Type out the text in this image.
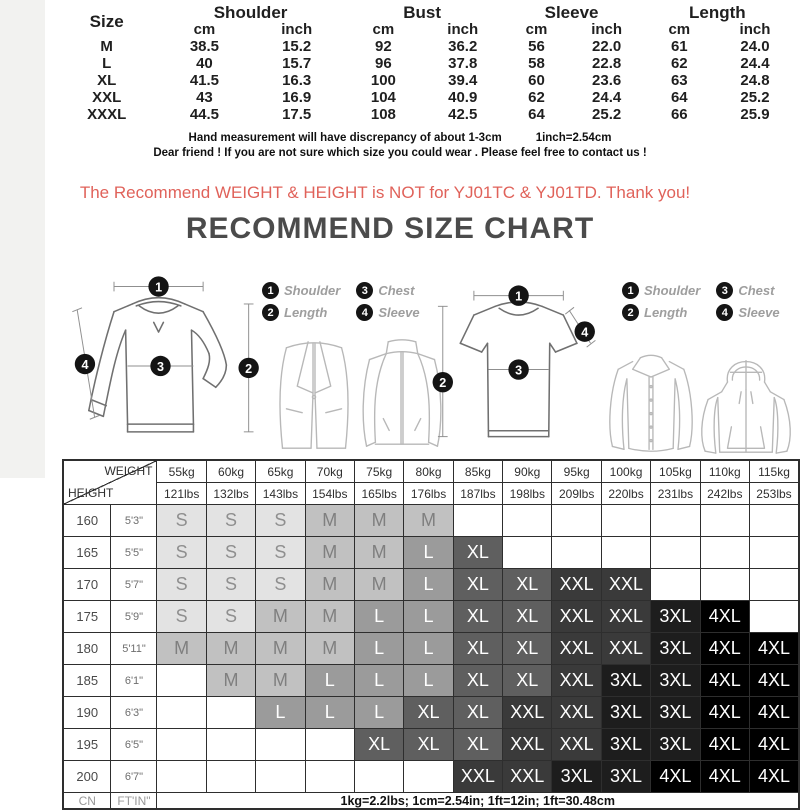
Size	Shoulder		Bust		Sleeve		Length	
	cm	inch	cm	inch	cm	inch	cm	inch
M	38.5	15.2	92	36.2	56	22.0	61	24.0
L	40	15.7	96	37.8	58	22.8	62	24.4
XL	41.5	16.3	100	39.4	60	23.6	63	24.8
XXL	43	16.9	104	40.9	62	24.4	64	25.2
XXXL	44.5	17.5	108	42.5	64	25.2	66	25.9
Hand measurement will have discrepancy of about 1-3cm	1inch=2.54cm
Dear friend ! If you are not sure which size you could wear . Please feel free to contact us !
The Recommend WEIGHT & HEIGHT is NOT for YJ01TC & YJ01TD. Thank you!
RECOMMEND SIZE CHART
1
3	2
4
1 Shoulder	3 Chest
2 Length	4 Sleeve
1
2
3
4
1 Shoulder	3 Chest
2 Length	4 Sleeve
WEIGHT
HEIGHT		55kg	60kg	65kg	70kg	75kg	80kg	85kg	90kg	95kg	100kg	105kg	110kg	115kg
		121lbs	132lbs	143lbs	154lbs	165lbs	176lbs	187lbs	198lbs	209lbs	220lbs	231lbs	242lbs	253lbs
160	5'3"	S	S	S	M	M	M							
165	5'5"	S	S	S	M	M	L	XL						
170	5'7"	S	S	S	M	M	L	XL	XL	XXL	XXL			
175	5'9"	S	S	M	M	L	L	XL	XL	XXL	XXL	3XL	4XL	
180	5'11"	M	M	M	M	L	L	XL	XL	XXL	XXL	3XL	4XL	4XL
185	6'1"		M	M	L	L	L	XL	XL	XXL	3XL	3XL	4XL	4XL
190	6'3"			L	L	L	XL	XL	XXL	XXL	3XL	3XL	4XL	4XL
195	6'5"					XL	XL	XL	XXL	XXL	3XL	3XL	4XL	4XL
200	6'7"							XXL	XXL	3XL	3XL	4XL	4XL	4XL
CN	FT'IN"	1kg=2.2lbs; 1cm=2.54in; 1ft=12in; 1ft=30.48cm												
